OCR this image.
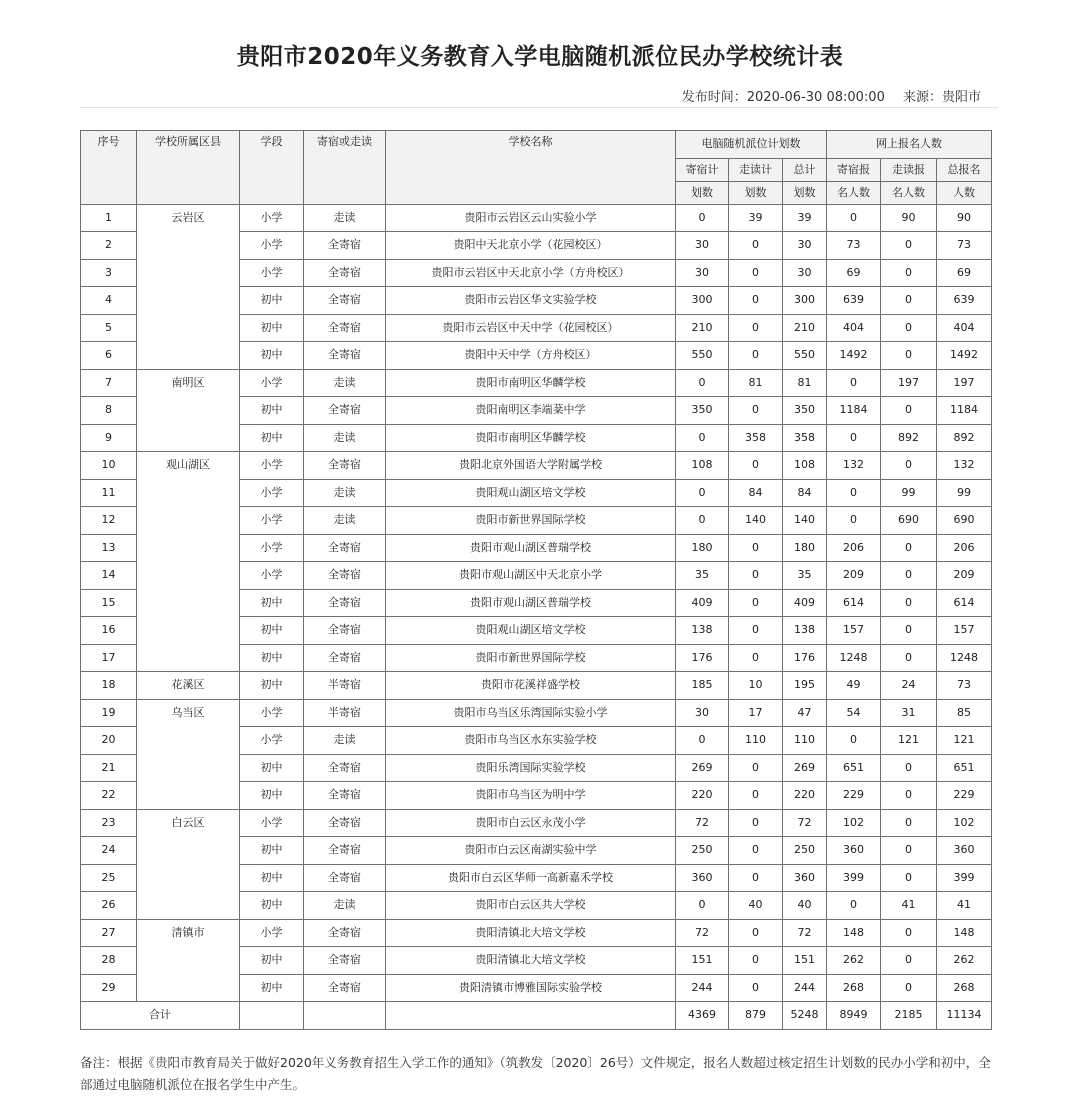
贵阳市2020年义务教育入学电脑随机派位民办学校统计表
发布时间：2020-06-30 08:00:00 来源：贵阳市
序号	学校所属区县	学段	寄宿或走读	学校名称	电脑随机派位计划数			网上报名人数		
					寄宿计	走读计	总计	寄宿报	走读报	总报名
					划数	划数	划数	名人数	名人数	人数
1	云岩区	小学	走读	贵阳市云岩区云山实验小学	0	39	39	0	90	90
2		小学	全寄宿	贵阳中天北京小学（花园校区）	30	0	30	73	0	73
3		小学	全寄宿	贵阳市云岩区中天北京小学（方舟校区）	30	0	30	69	0	69
4		初中	全寄宿	贵阳市云岩区华文实验学校	300	0	300	639	0	639
5		初中	全寄宿	贵阳市云岩区中天中学（花园校区）	210	0	210	404	0	404
6		初中	全寄宿	贵阳中天中学（方舟校区）	550	0	550	1492	0	1492
7	南明区	小学	走读	贵阳市南明区华麟学校	0	81	81	0	197	197
8		初中	全寄宿	贵阳南明区李端棻中学	350	0	350	1184	0	1184
9		初中	走读	贵阳市南明区华麟学校	0	358	358	0	892	892
10	观山湖区	小学	全寄宿	贵阳北京外国语大学附属学校	108	0	108	132	0	132
11		小学	走读	贵阳观山湖区培文学校	0	84	84	0	99	99
12		小学	走读	贵阳市新世界国际学校	0	140	140	0	690	690
13		小学	全寄宿	贵阳市观山湖区普瑞学校	180	0	180	206	0	206
14		小学	全寄宿	贵阳市观山湖区中天北京小学	35	0	35	209	0	209
15		初中	全寄宿	贵阳市观山湖区普瑞学校	409	0	409	614	0	614
16		初中	全寄宿	贵阳观山湖区培文学校	138	0	138	157	0	157
17		初中	全寄宿	贵阳市新世界国际学校	176	0	176	1248	0	1248
18	花溪区	初中	半寄宿	贵阳市花溪祥盛学校	185	10	195	49	24	73
19	乌当区	小学	半寄宿	贵阳市乌当区乐湾国际实验小学	30	17	47	54	31	85
20		小学	走读	贵阳市乌当区水东实验学校	0	110	110	0	121	121
21		初中	全寄宿	贵阳乐湾国际实验学校	269	0	269	651	0	651
22		初中	全寄宿	贵阳市乌当区为明中学	220	0	220	229	0	229
23	白云区	小学	全寄宿	贵阳市白云区永茂小学	72	0	72	102	0	102
24		初中	全寄宿	贵阳市白云区南湖实验中学	250	0	250	360	0	360
25		初中	全寄宿	贵阳市白云区华师一高新嘉禾学校	360	0	360	399	0	399
26		初中	走读	贵阳市白云区共大学校	0	40	40	0	41	41
27	清镇市	小学	全寄宿	贵阳清镇北大培文学校	72	0	72	148	0	148
28		初中	全寄宿	贵阳清镇北大培文学校	151	0	151	262	0	262
29		初中	全寄宿	贵阳清镇市博雅国际实验学校	244	0	244	268	0	268
合计					4369	879	5248	8949	2185	11134
备注：根据《贵阳市教育局关于做好2020年义务教育招生入学工作的通知》（筑教发〔2020〕26号）文件规定，报名人数超过核定招生计划数的民办小学和初中，全部通过电脑随机派位在报名学生中产生。
